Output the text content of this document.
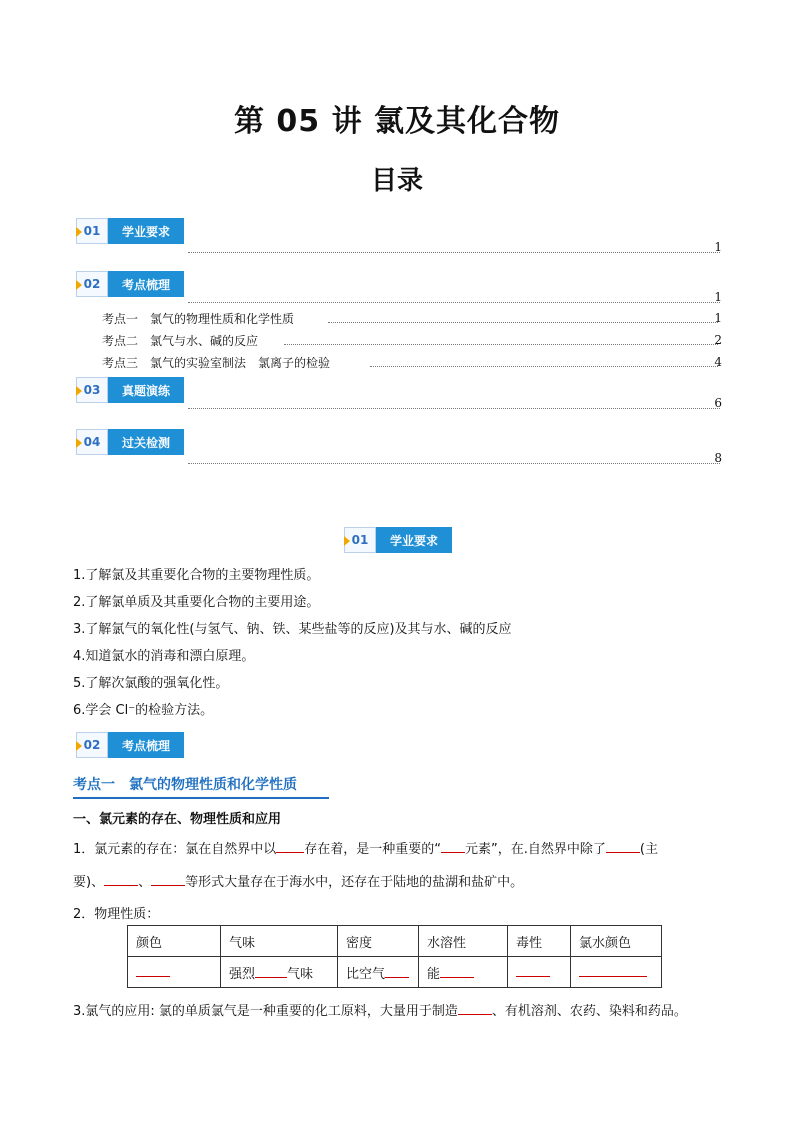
第 05 讲 氯及其化合物
目录
01	学业要求
1
02	考点梳理
1
考点一　氯气的物理性质和化学性质	1
考点二　氯气与水、碱的反应	2
考点三　氯气的实验室制法　氯离子的检验	4
03	真题演练
6
04	过关检测
8
01	学业要求
1.了解氯及其重要化合物的主要物理性质。
2.了解氯单质及其重要化合物的主要用途。
3.了解氯气的氧化性(与氢气、钠、铁、某些盐等的反应)及其与水、碱的反应
4.知道氯水的消毒和漂白原理。
5.了解次氯酸的强氧化性。
6.学会 Cl⁻的检验方法。
02	考点梳理
考点一　氯气的物理性质和化学性质
一、氯元素的存在、物理性质和应用
1．氯元素的存在：氯在自然界中以 存在着，是一种重要的“ 元素”，在.自然界中除了	(主
要)、	、	等形式大量存在于海水中，还存在于陆地的盐湖和盐矿中。
2．物理性质：
颜色	气味	密度	水溶性	毒性	氯水颜色
	强烈 气味	比空气	能		
3.氯气的应用: 氯的单质氯气是一种重要的化工原料，大量用于制造	、有机溶剂、农药、染料和药品。
